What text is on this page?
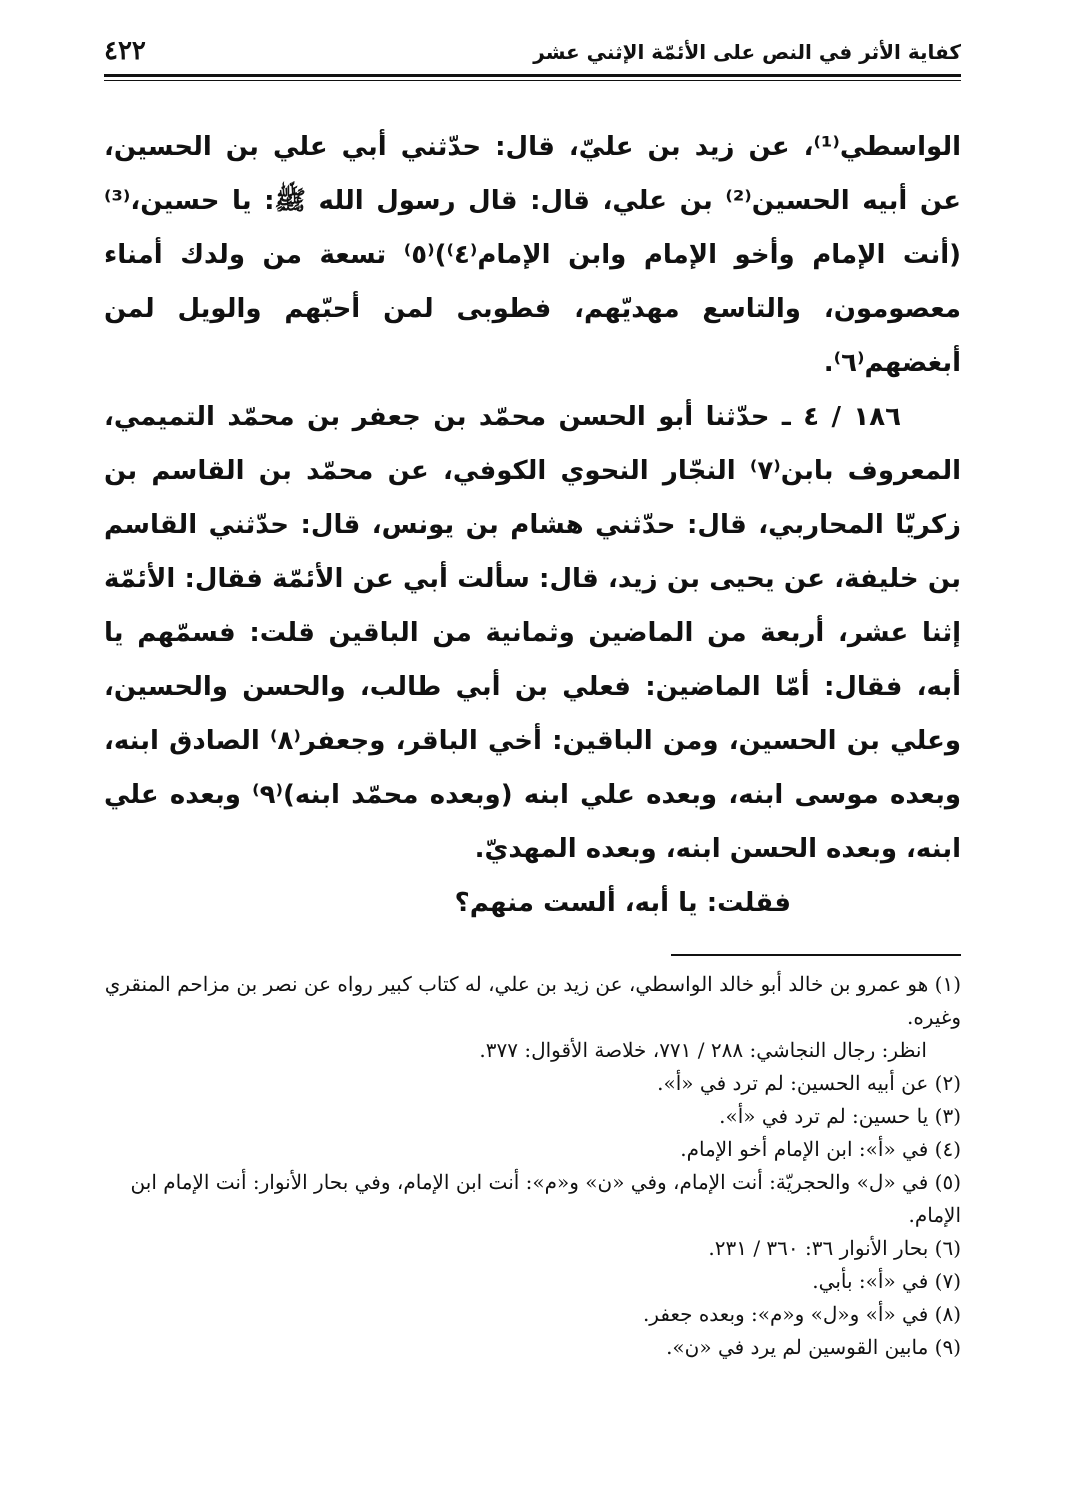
كفاية الأثر في النص على الأئمّة الإثني عشر
٤٢٢

الواسطي⁽¹⁾، عن زيد بن عليّ، قال: حدّثني أبي علي بن الحسين، عن أبيه الحسين⁽²⁾ بن علي، قال: قال رسول الله ﷺ: يا حسين،⁽³⁾ (أنت الإمام وأخو الإمام وابن الإمام⁽٤⁾)⁽٥⁾ تسعة من ولدك أمناء معصومون، والتاسع مهديّهم، فطوبى لمن أحبّهم والويل لمن أبغضهم⁽٦⁾.

١٨٦ / ٤ ـ حدّثنا أبو الحسن محمّد بن جعفر بن محمّد التميمي، المعروف بابن⁽٧⁾ النجّار النحوي الكوفي، عن محمّد بن القاسم بن زكريّا المحاربي، قال: حدّثني هشام بن يونس، قال: حدّثني القاسم بن خليفة، عن يحيى بن زيد، قال: سألت أبي عن الأئمّة فقال: الأئمّة إثنا عشر، أربعة من الماضين وثمانية من الباقين قلت: فسمّهم يا أبه، فقال: أمّا الماضين: فعلي بن أبي طالب، والحسن والحسين، وعلي بن الحسين، ومن الباقين: أخي الباقر، وجعفر⁽٨⁾ الصادق ابنه، وبعده موسى ابنه، وبعده علي ابنه (وبعده محمّد ابنه)⁽٩⁾ وبعده علي ابنه، وبعده الحسن ابنه، وبعده المهديّ.

فقلت: يا أبه، ألست منهم؟

(١) هو عمرو بن خالد أبو خالد الواسطي، عن زيد بن علي، له كتاب كبير رواه عن نصر بن مزاحم المنقري وغيره.

انظر: رجال النجاشي: ٢٨٨ / ٧٧١، خلاصة الأقوال: ٣٧٧.

(٢) عن أبيه الحسين: لم ترد في «أ».

(٣) يا حسين: لم ترد في «أ».

(٤) في «أ»: ابن الإمام أخو الإمام.

(٥) في «ل» والحجريّة: أنت الإمام، وفي «ن» و«م»: أنت ابن الإمام، وفي بحار الأنوار: أنت الإمام ابن الإمام.

(٦) بحار الأنوار ٣٦: ٣٦٠ / ٢٣١.

(٧) في «أ»: بأبي.

(٨) في «أ» و«ل» و«م»: وبعده جعفر.

(٩) مابين القوسين لم يرد في «ن».
